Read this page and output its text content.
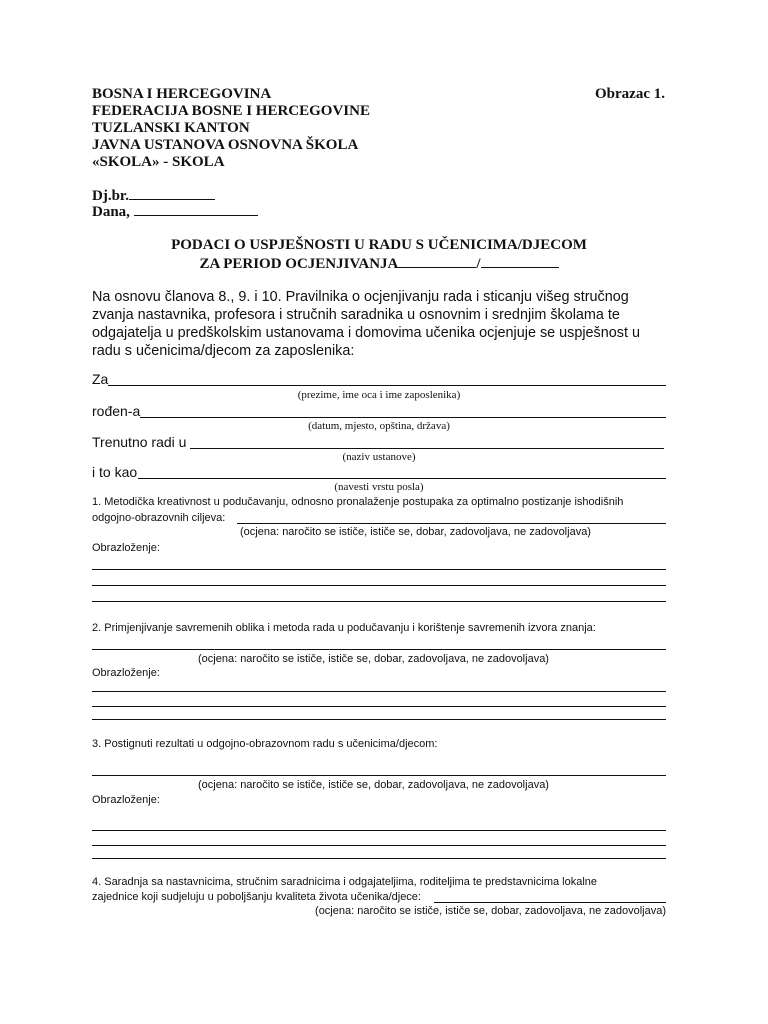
BOSNA I HERCEGOVINA
FEDERACIJA BOSNE I HERCEGOVINE
TUZLANSKI KANTON
JAVNA USTANOVA OSNOVNA ŠKOLA
«SKOLA» - SKOLA
Obrazac 1.
Dj.br.
Dana,
PODACI O USPJEŠNOSTI U RADU S UČENICIMA/DJECOM
ZA PERIOD OCJENJIVANJA	/
Na osnovu članova 8., 9. i 10. Pravilnika o ocjenjivanju rada i sticanju višeg stručnog zvanja nastavnika, profesora i stručnih saradnika u osnovnim i srednjim školama te odgajatelja u predškolskim ustanovama i domovima učenika ocjenjuje se uspješnost u radu s učenicima/djecom za zaposlenika:
Za
(prezime, ime oca i ime zaposlenika)
rođen-a
(datum, mjesto, opština, država)
Trenutno radi u
(naziv ustanove)
i to kao
(navesti vrstu posla)
1. Metodička kreativnost u podučavanju, odnosno pronalaženje postupaka za optimalno postizanje ishodišnih
odgojno-obrazovnih ciljeva:
(ocjena: naročito se ističe, ističe se, dobar, zadovoljava, ne zadovoljava)
Obrazloženje:
2. Primjenjivanje savremenih oblika i metoda rada u podučavanju i korištenje savremenih izvora znanja:
(ocjena: naročito se ističe, ističe se, dobar, zadovoljava, ne zadovoljava)
Obrazloženje:
3. Postignuti rezultati u odgojno-obrazovnom radu s učenicima/djecom:
(ocjena: naročito se ističe, ističe se, dobar, zadovoljava, ne zadovoljava)
Obrazloženje:
4. Saradnja sa nastavnicima, stručnim saradnicima i odgajateljima, roditeljima te predstavnicima lokalne
zajednice koji sudjeluju u poboljšanju kvaliteta života učenika/djece:
(ocjena: naročito se ističe, ističe se, dobar, zadovoljava, ne zadovoljava)
